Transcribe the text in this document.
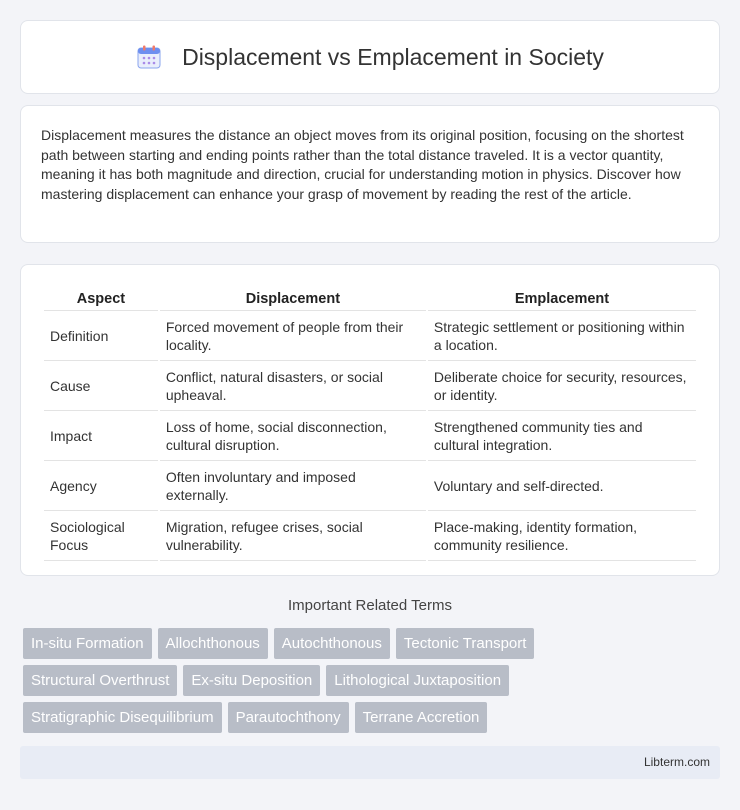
Displacement vs Emplacement in Society

Displacement measures the distance an object moves from its original position, focusing on the shortest path between starting and ending points rather than the total distance traveled. It is a vector quantity, meaning it has both magnitude and direction, crucial for understanding motion in physics. Discover how mastering displacement can enhance your grasp of movement by reading the rest of the article.

Aspect	Displacement	Emplacement
Definition	Forced movement of people from their locality.	Strategic settlement or positioning within a location.
Cause	Conflict, natural disasters, or social upheaval.	Deliberate choice for security, resources, or identity.
Impact	Loss of home, social disconnection, cultural disruption.	Strengthened community ties and cultural integration.
Agency	Often involuntary and imposed externally.	Voluntary and self-directed.
Sociological Focus	Migration, refugee crises, social vulnerability.	Place-making, identity formation, community resilience.
Important Related Terms
In-situ Formation	Allochthonous	Autochthonous	Tectonic Transport
Structural Overthrust	Ex-situ Deposition	Lithological Juxtaposition
Stratigraphic Disequilibrium	Parautochthony	Terrane Accretion
Libterm.com
